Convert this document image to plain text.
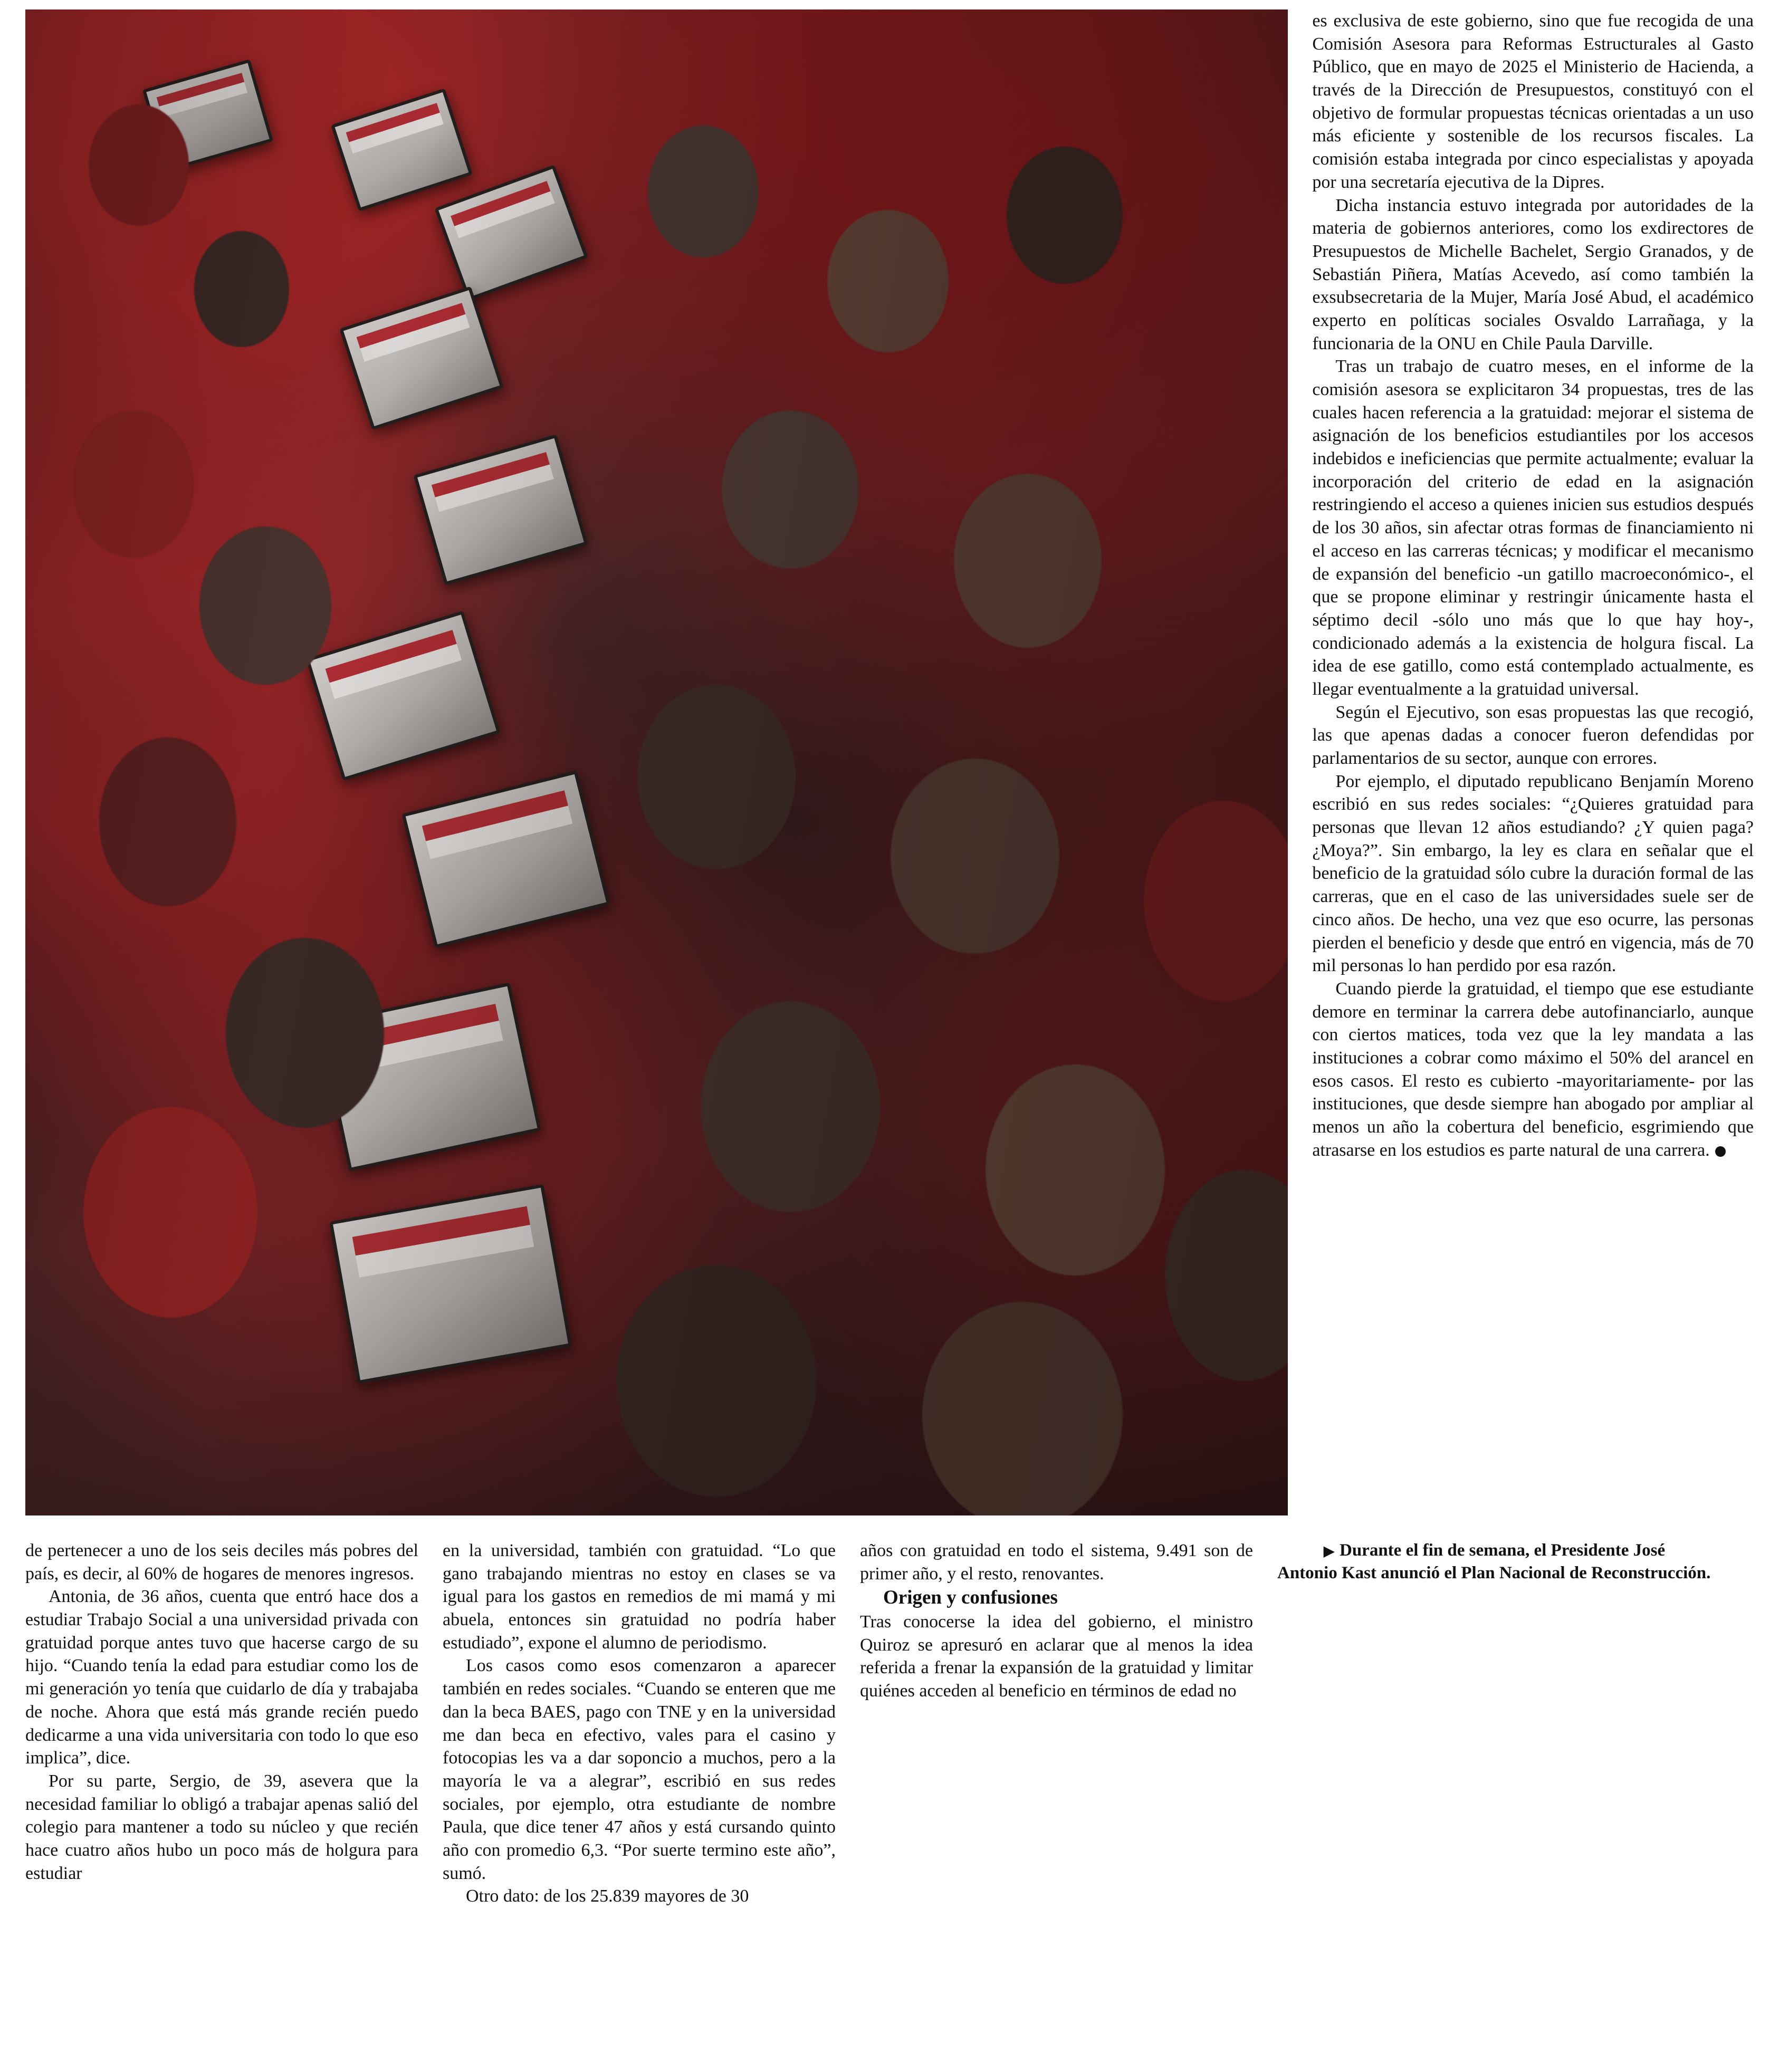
es exclusiva de este gobierno, sino que fue recogida de una Comisión Asesora para Reformas Estructurales al Gasto Público, que en mayo de 2025 el Ministerio de Hacienda, a través de la Dirección de Presupuestos, constituyó con el objetivo de formular propuestas técnicas orientadas a un uso más eficiente y sostenible de los recursos fiscales. La comisión estaba integrada por cinco especialistas y apoyada por una secretaría ejecutiva de la Dipres.

Dicha instancia estuvo integrada por autoridades de la materia de gobiernos anteriores, como los exdirectores de Presupuestos de Michelle Bachelet, Sergio Granados, y de Sebastián Piñera, Matías Acevedo, así como también la exsubsecretaria de la Mujer, María José Abud, el académico experto en políticas sociales Osvaldo Larrañaga, y la funcionaria de la ONU en Chile Paula Darville.

Tras un trabajo de cuatro meses, en el informe de la comisión asesora se explicitaron 34 propuestas, tres de las cuales hacen referencia a la gratuidad: mejorar el sistema de asignación de los beneficios estudiantiles por los accesos indebidos e ineficiencias que permite actualmente; evaluar la incorporación del criterio de edad en la asignación restringiendo el acceso a quienes inicien sus estudios después de los 30 años, sin afectar otras formas de financiamiento ni el acceso en las carreras técnicas; y modificar el mecanismo de expansión del beneficio -un gatillo macroeconómico-, el que se propone eliminar y restringir únicamente hasta el séptimo decil -sólo uno más que lo que hay hoy-, condicionado además a la existencia de holgura fiscal. La idea de ese gatillo, como está contemplado actualmente, es llegar eventualmente a la gratuidad universal.

Según el Ejecutivo, son esas propuestas las que recogió, las que apenas dadas a conocer fueron defendidas por parlamentarios de su sector, aunque con errores.

Por ejemplo, el diputado republicano Benjamín Moreno escribió en sus redes sociales: “¿Quieres gratuidad para personas que llevan 12 años estudiando? ¿Y quien paga? ¿Moya?”. Sin embargo, la ley es clara en señalar que el beneficio de la gratuidad sólo cubre la duración formal de las carreras, que en el caso de las universidades suele ser de cinco años. De hecho, una vez que eso ocurre, las personas pierden el beneficio y desde que entró en vigencia, más de 70 mil personas lo han perdido por esa razón.

Cuando pierde la gratuidad, el tiempo que ese estudiante demore en terminar la carrera debe autofinanciarlo, aunque con ciertos matices, toda vez que la ley mandata a las instituciones a cobrar como máximo el 50% del arancel en esos casos. El resto es cubierto -mayoritariamente- por las instituciones, que desde siempre han abogado por ampliar al menos un año la cobertura del beneficio, esgrimiendo que atrasarse en los estudios es parte natural de una carrera.

de pertenecer a uno de los seis deciles más pobres del país, es decir, al 60% de hogares de menores ingresos.

Antonia, de 36 años, cuenta que entró hace dos a estudiar Trabajo Social a una universidad privada con gratuidad porque antes tuvo que hacerse cargo de su hijo. “Cuando tenía la edad para estudiar como los de mi generación yo tenía que cuidarlo de día y trabajaba de noche. Ahora que está más grande recién puedo dedicarme a una vida universitaria con todo lo que eso implica”, dice.

Por su parte, Sergio, de 39, asevera que la necesidad familiar lo obligó a trabajar apenas salió del colegio para mantener a todo su núcleo y que recién hace cuatro años hubo un poco más de holgura para estudiar

en la universidad, también con gratuidad. “Lo que gano trabajando mientras no estoy en clases se va igual para los gastos en remedios de mi mamá y mi abuela, entonces sin gratuidad no podría haber estudiado”, expone el alumno de periodismo.

Los casos como esos comenzaron a aparecer también en redes sociales. “Cuando se enteren que me dan la beca BAES, pago con TNE y en la universidad me dan beca en efectivo, vales para el casino y fotocopias les va a dar soponcio a muchos, pero a la mayoría le va a alegrar”, escribió en sus redes sociales, por ejemplo, otra estudiante de nombre Paula, que dice tener 47 años y está cursando quinto año con promedio 6,3. “Por suerte termino este año”, sumó.

Otro dato: de los 25.839 mayores de 30

años con gratuidad en todo el sistema, 9.491 son de primer año, y el resto, renovantes.

Origen y confusiones

Tras conocerse la idea del gobierno, el ministro Quiroz se apresuró en aclarar que al menos la idea referida a frenar la expansión de la gratuidad y limitar quiénes acceden al beneficio en términos de edad no

▶ Durante el fin de semana, el Presidente José Antonio Kast anunció el Plan Nacional de Reconstrucción.
